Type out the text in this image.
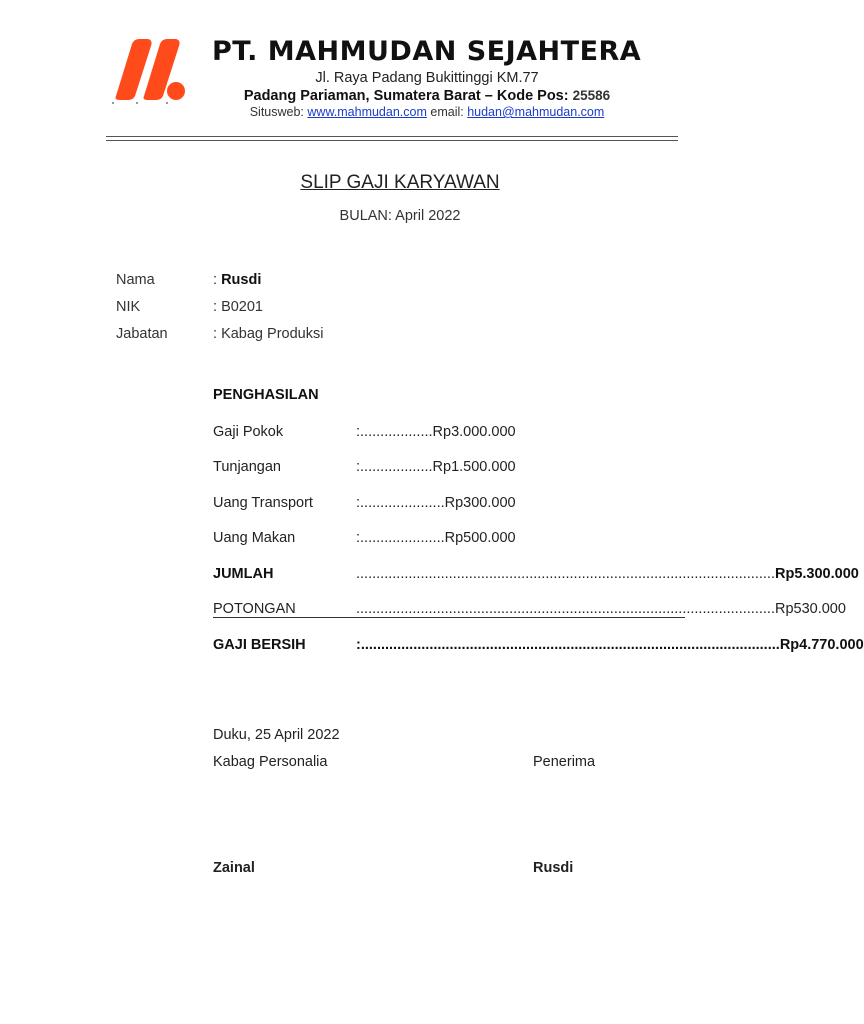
PT. MAHMUDAN SEJAHTERA
Jl. Raya Padang Bukittinggi KM.77
Padang Pariaman, Sumatera Barat – Kode Pos: 25586
Situsweb: www.mahmudan.com email: hudan@mahmudan.com
SLIP GAJI KARYAWAN
BULAN: April 2022
Nama	: Rusdi
NIK	: B0201
Jabatan	: Kabag Produksi
PENGHASILAN
Gaji Pokok	:..................Rp3.000.000
Tunjangan	:..................Rp1.500.000
Uang Transport	:.....................Rp300.000
Uang Makan	:.....................Rp500.000
JUMLAH	........................................................................................................ Rp5.300.000
POTONGAN	........................................................................................................ Rp530.000
GAJI BERSIH	:........................................................................................................ Rp4.770.000
Duku, 25 April 2022
Kabag Personalia	Penerima
Zainal	Rusdi
